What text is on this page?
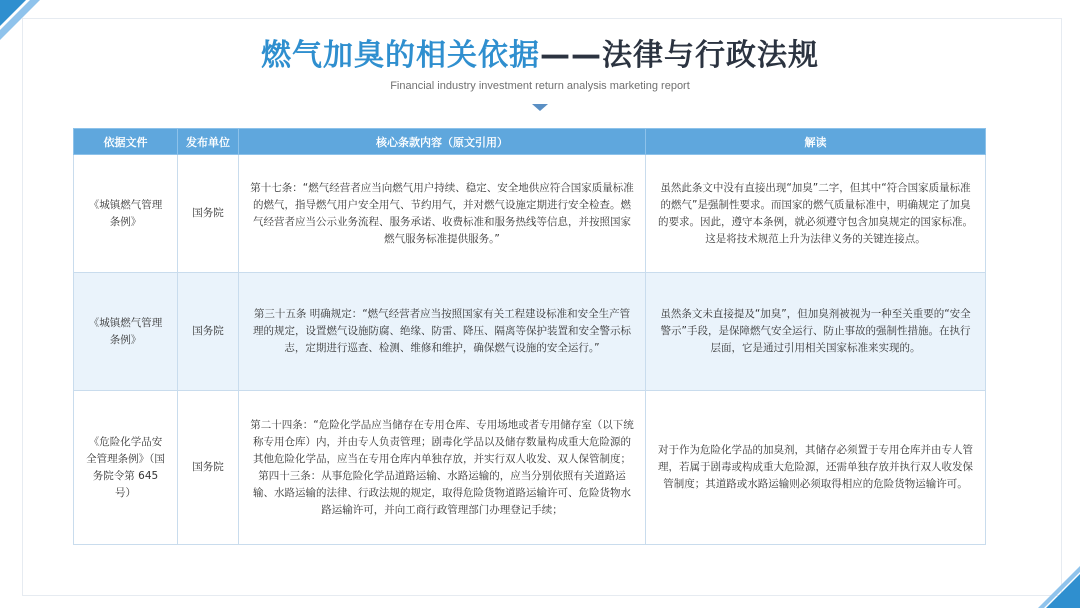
燃气加臭的相关依据——法律与行政法规
Financial industry investment return analysis marketing report
依据文件	发布单位	核心条款内容（原文引用）	解读
《城镇燃气管理条例》	国务院	第十七条：“燃气经营者应当向燃气用户持续、稳定、安全地供应符合国家质量标准的燃气，指导燃气用户安全用气、节约用气，并对燃气设施定期进行安全检查。燃气经营者应当公示业务流程、服务承诺、收费标准和服务热线等信息，并按照国家燃气服务标准提供服务。”	虽然此条文中没有直接出现“加臭”二字，但其中“符合国家质量标准的燃气”是强制性要求。而国家的燃气质量标准中，明确规定了加臭的要求。因此，遵守本条例，就必须遵守包含加臭规定的国家标准。这是将技术规范上升为法律义务的关键连接点。
《城镇燃气管理条例》	国务院	第三十五条 明确规定：“燃气经营者应当按照国家有关工程建设标准和安全生产管理的规定，设置燃气设施防腐、绝缘、防雷、降压、隔离等保护装置和安全警示标志，定期进行巡查、检测、维修和维护，确保燃气设施的安全运行。”	虽然条文未直接提及“加臭”，但加臭剂被视为一种至关重要的“安全警示”手段，是保障燃气安全运行、防止事故的强制性措施。在执行层面，它是通过引用相关国家标准来实现的。
《危险化学品安全管理条例》（国务院令第 645 号）	国务院	第二十四条：“危险化学品应当储存在专用仓库、专用场地或者专用储存室（以下统称专用仓库）内，并由专人负责管理；剧毒化学品以及储存数量构成重大危险源的其他危险化学品，应当在专用仓库内单独存放，并实行双人收发、双人保管制度；第四十三条：从事危险化学品道路运输、水路运输的，应当分别依照有关道路运输、水路运输的法律、行政法规的规定，取得危险货物道路运输许可、危险货物水路运输许可，并向工商行政管理部门办理登记手续；	对于作为危险化学品的加臭剂，其储存必须置于专用仓库并由专人管理，若属于剧毒或构成重大危险源，还需单独存放并执行双人收发保管制度；其道路或水路运输则必须取得相应的危险货物运输许可。
